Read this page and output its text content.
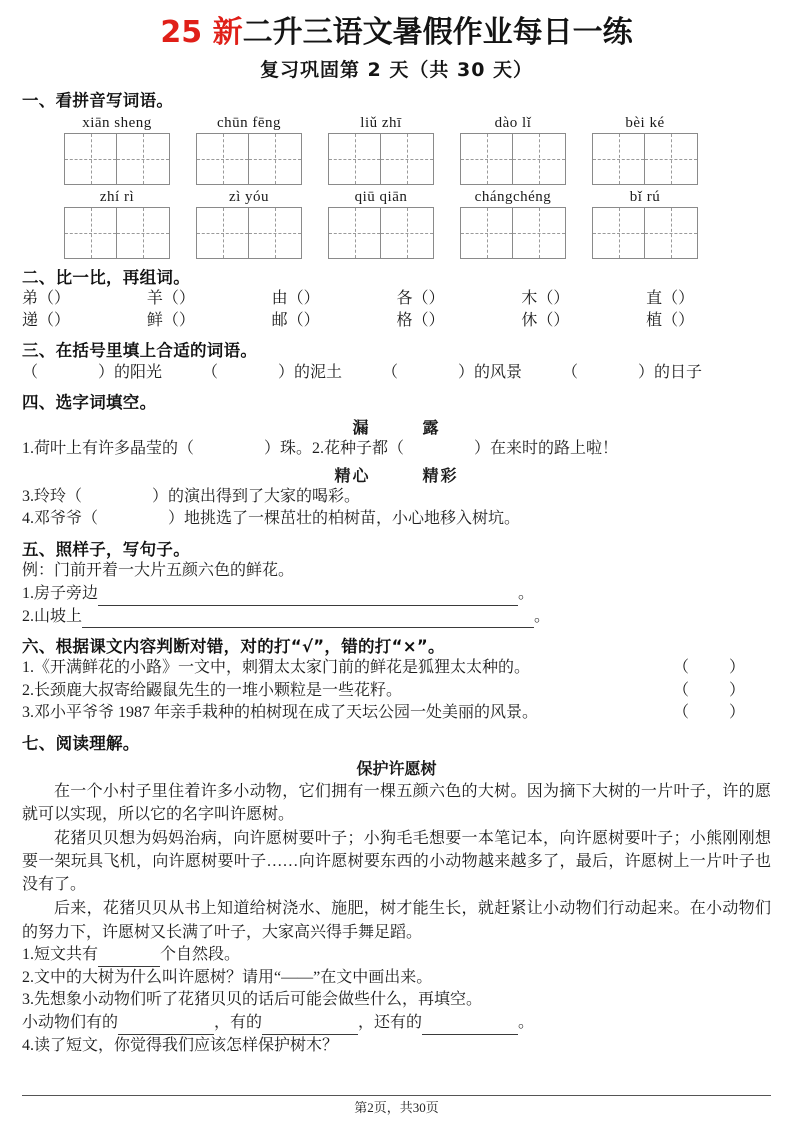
25 新二升三语文暑假作业每日一练
复习巩固第 2 天（共 30 天）
一、看拼音写词语。
xiān sheng	chūn fēng	liǔ zhī	dào lǐ	bèi ké
zhí rì	zì yóu	qiū qiān	chángchéng	bǐ rú
二、比一比，再组词。
弟（）	羊（）	由（）	各（）	木（）	直（）
递（）	鲜（）	邮（）	格（）	休（）	植（）
三、在括号里填上合适的词语。
（	）的阳光	（	）的泥土	（	）的风景	（	）的日子
四、选字词填空。
漏	露
1.荷叶上有许多晶莹的（	）珠。2.花种子都（	）在来时的路上啦！
精心	精彩
3.玲玲（	）的演出得到了大家的喝彩。
4.邓爷爷（	）地挑选了一棵茁壮的柏树苗，小心地移入树坑。
五、照样子，写句子。
例：门前开着一大片五颜六色的鲜花。
1.房子旁边	。
2.山坡上	。
六、根据课文内容判断对错，对的打“√”，错的打“×”。
1.《开满鲜花的小路》一文中，刺猬太太家门前的鲜花是狐狸太太种的。	（ ）
2.长颈鹿大叔寄给鼹鼠先生的一堆小颗粒是一些花籽。	（ ）
3.邓小平爷爷 1987 年亲手栽种的柏树现在成了天坛公园一处美丽的风景。	（ ）
七、阅读理解。
保护许愿树
在一个小村子里住着许多小动物，它们拥有一棵五颜六色的大树。因为摘下大树的一片叶子，许的愿就可以实现，所以它的名字叫许愿树。
花猪贝贝想为妈妈治病，向许愿树要叶子；小狗毛毛想要一本笔记本，向许愿树要叶子；小熊刚刚想要一架玩具飞机，向许愿树要叶子……向许愿树要东西的小动物越来越多了，最后，许愿树上一片叶子也没有了。
后来，花猪贝贝从书上知道给树浇水、施肥，树才能生长，就赶紧让小动物们行动起来。在小动物们的努力下，许愿树又长满了叶子，大家高兴得手舞足蹈。
1.短文共有	个自然段。
2.文中的大树为什么叫许愿树？请用“——”在文中画出来。
3.先想象小动物们听了花猪贝贝的话后可能会做些什么，再填空。
小动物们有的	，有的	，还有的	。
4.读了短文，你觉得我们应该怎样保护树木？
第2页，共30页
